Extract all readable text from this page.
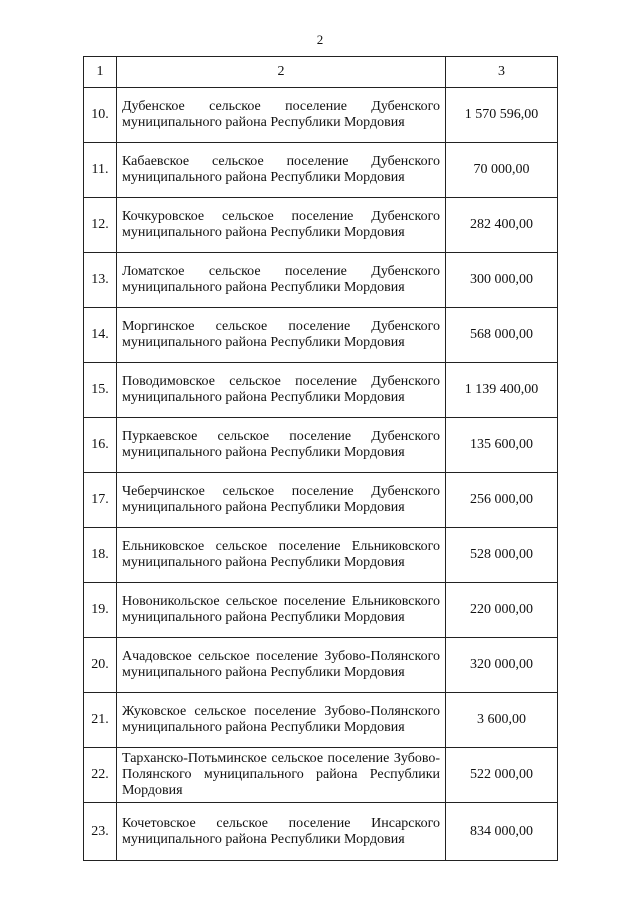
2
1	2	3
10.	Дубенское сельское поселение Дубенского муниципального района Республики Мордовия	1 570 596,00
11.	Кабаевское сельское поселение Дубенского муниципального района Республики Мордовия	70 000,00
12.	Кочкуровское сельское поселение Дубенского муниципального района Республики Мордовия	282 400,00
13.	Ломатское сельское поселение Дубенского муниципального района Республики Мордовия	300 000,00
14.	Моргинское сельское поселение Дубенского муниципального района Республики Мордовия	568 000,00
15.	Поводимовское сельское поселение Дубенского муниципального района Республики Мордовия	1 139 400,00
16.	Пуркаевское сельское поселение Дубенского муниципального района Республики Мордовия	135 600,00
17.	Чеберчинское сельское поселение Дубенского муниципального района Республики Мордовия	256 000,00
18.	Ельниковское сельское поселение Ельниковского муниципального района Республики Мордовия	528 000,00
19.	Новоникольское сельское поселение Ельниковского муниципального района Республики Мордовия	220 000,00
20.	Ачадовское сельское поселение Зубово-Полянского муниципального района Республики Мордовия	320 000,00
21.	Жуковское сельское поселение Зубово-Полянского муниципального района Республики Мордовия	3 600,00
22.	Тарханско-Потьминское сельское поселение Зубово-Полянского муниципального района Республики Мордовия	522 000,00
23.	Кочетовское сельское поселение Инсарского муниципального района Республики Мордовия	834 000,00
